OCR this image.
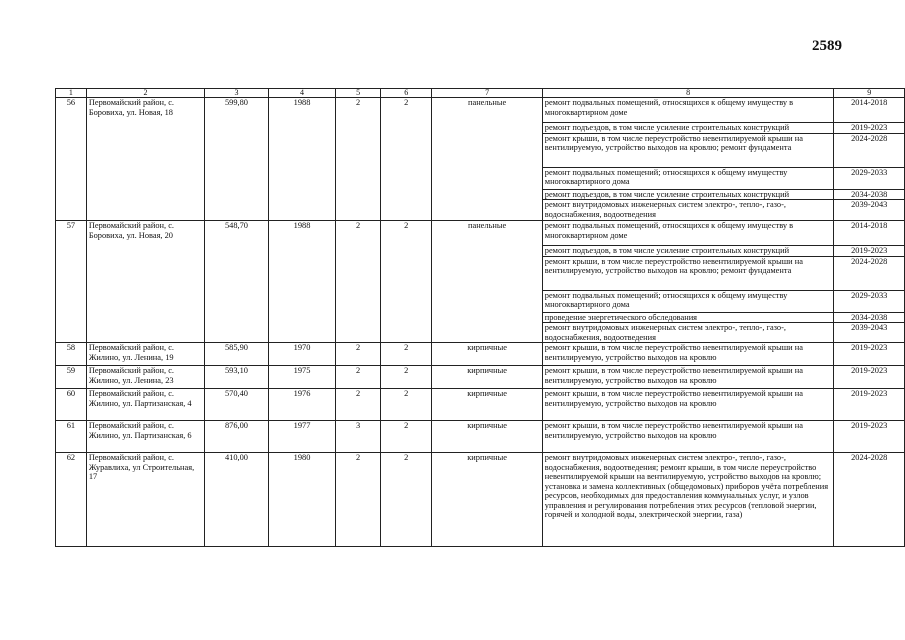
2589
1	2	3	4	5	6	7	8	9
56	Первомайский район, с. Боровиха, ул. Новая, 18	599,80	1988	2	2	панельные	ремонт подвальных помещений, относящихся к общему имуществу в многоквартирном доме	2014-2018
							ремонт подъездов, в том числе усиление строительных конструкций	2019-2023
							ремонт крыши, в том числе переустройство невентилируемой крыши на вентилируемую, устройство выходов на кровлю; ремонт фундамента	2024-2028
							ремонт подвальных помещений; относящихся к общему имуществу многоквартирного дома	2029-2033
							ремонт подъездов, в том числе усиление строительных конструкций	2034-2038
							ремонт внутридомовых инженерных систем электро-, тепло-, газо-, водоснабжения, водоотведения	2039-2043
57	Первомайский район, с. Боровиха, ул. Новая, 20	548,70	1988	2	2	панельные	ремонт подвальных помещений, относящихся к общему имуществу в многоквартирном доме	2014-2018
							ремонт подъездов, в том числе усиление строительных конструкций	2019-2023
							ремонт крыши, в том числе переустройство невентилируемой крыши на вентилируемую, устройство выходов на кровлю; ремонт фундамента	2024-2028
							ремонт подвальных помещений; относящихся к общему имуществу многоквартирного дома	2029-2033
							проведение энергетического обследования	2034-2038
							ремонт внутридомовых инженерных систем электро-, тепло-, газо-, водоснабжения, водоотведения	2039-2043
58	Первомайский район, с. Жилино, ул. Ленина, 19	585,90	1970	2	2	кирпичные	ремонт крыши, в том числе переустройство невентилируемой крыши на вентилируемую, устройство выходов на кровлю	2019-2023
59	Первомайский район, с. Жилино, ул. Ленина, 23	593,10	1975	2	2	кирпичные	ремонт крыши, в том числе переустройство невентилируемой крыши на вентилируемую, устройство выходов на кровлю	2019-2023
60	Первомайский район, с. Жилино, ул. Партизанская, 4	570,40	1976	2	2	кирпичные	ремонт крыши, в том числе переустройство невентилируемой крыши на вентилируемую, устройство выходов на кровлю	2019-2023
61	Первомайский район, с. Жилино, ул. Партизанская, 6	876,00	1977	3	2	кирпичные	ремонт крыши, в том числе переустройство невентилируемой крыши на вентилируемую, устройство выходов на кровлю	2019-2023
62	Первомайский район, с. Журавлиха, ул Строительная, 17	410,00	1980	2	2	кирпичные	ремонт внутридомовых инженерных систем электро-, тепло-, газо-, водоснабжения, водоотведения; ремонт крыши, в том числе переустройство невентилируемой крыши на вентилируемую, устройство выходов на кровлю; установка и замена коллективных (общедомовых) приборов учёта потребления ресурсов, необходимых для предоставления коммунальных услуг, и узлов управления и регулирования потребления этих ресурсов (тепловой энергии, горячей и холодной воды, электрической энергии, газа)	2024-2028
